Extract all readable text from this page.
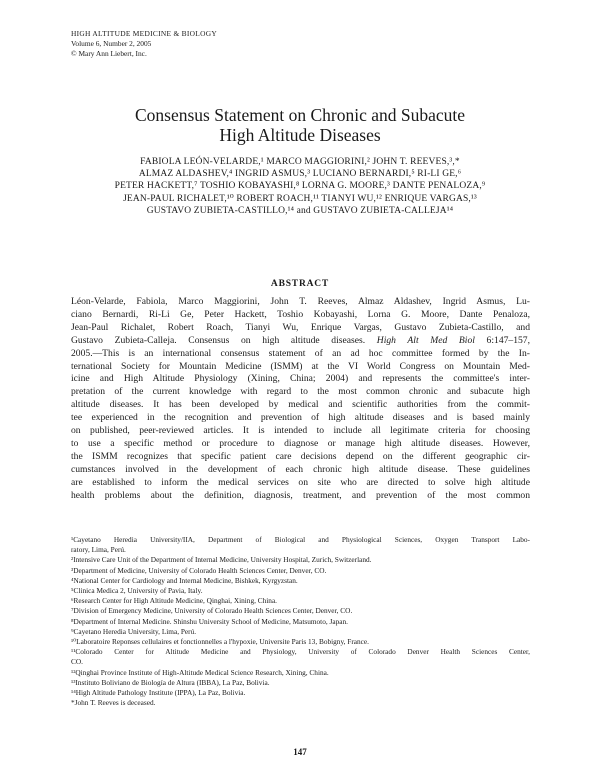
HIGH ALTITUDE MEDICINE & BIOLOGY
Volume 6, Number 2, 2005
© Mary Ann Liebert, Inc.
Consensus Statement on Chronic and Subacute
High Altitude Diseases
FABIOLA LEÓN-VELARDE,¹ MARCO MAGGIORINI,² JOHN T. REEVES,³,*
ALMAZ ALDASHEV,⁴ INGRID ASMUS,³ LUCIANO BERNARDI,⁵ RI-LI GE,⁶
PETER HACKETT,⁷ TOSHIO KOBAYASHI,⁸ LORNA G. MOORE,³ DANTE PENALOZA,⁹
JEAN-PAUL RICHALET,¹⁰ ROBERT ROACH,¹¹ TIANYI WU,¹² ENRIQUE VARGAS,¹³
GUSTAVO ZUBIETA-CASTILLO,¹⁴ and GUSTAVO ZUBIETA-CALLEJA¹⁴
ABSTRACT
Léon-Velarde, Fabiola, Marco Maggiorini, John T. Reeves, Almaz Aldashev, Ingrid Asmus, Lu-
ciano Bernardi, Ri-Li Ge, Peter Hackett, Toshio Kobayashi, Lorna G. Moore, Dante Penaloza,
Jean-Paul Richalet, Robert Roach, Tianyi Wu, Enrique Vargas, Gustavo Zubieta-Castillo, and
Gustavo Zubieta-Calleja. Consensus on high altitude diseases. High Alt Med Biol 6:147–157,
2005.—This is an international consensus statement of an ad hoc committee formed by the In-
ternational Society for Mountain Medicine (ISMM) at the VI World Congress on Mountain Med-
icine and High Altitude Physiology (Xining, China; 2004) and represents the committee's inter-
pretation of the current knowledge with regard to the most common chronic and subacute high
altitude diseases. It has been developed by medical and scientific authorities from the commit-
tee experienced in the recognition and prevention of high altitude diseases and is based mainly
on published, peer-reviewed articles. It is intended to include all legitimate criteria for choosing
to use a specific method or procedure to diagnose or manage high altitude diseases. However,
the ISMM recognizes that specific patient care decisions depend on the different geographic cir-
cumstances involved in the development of each chronic high altitude disease. These guidelines
are established to inform the medical services on site who are directed to solve high altitude
health problems about the definition, diagnosis, treatment, and prevention of the most common
¹Cayetano Heredia University/IIA, Department of Biological and Physiological Sciences, Oxygen Transport Labo-
ratory, Lima, Perú.
²Intensive Care Unit of the Department of Internal Medicine, University Hospital, Zurich, Switzerland.
³Department of Medicine, University of Colorado Health Sciences Center, Denver, CO.
⁴National Center for Cardiology and Internal Medicine, Bishkek, Kyrgyzstan.
⁵Clinica Medica 2, University of Pavia, Italy.
⁶Research Center for High Altitude Medicine, Qinghai, Xining, China.
⁷Division of Emergency Medicine, University of Colorado Health Sciences Center, Denver, CO.
⁸Department of Internal Medicine. Shinshu University School of Medicine, Matsumoto, Japan.
⁹Cayetano Heredia University, Lima, Perú.
¹⁰Laboratoire Reponses cellulaires et fonctionnelles a l'hypoxie, Universite Paris 13, Bobigny, France.
¹¹Colorado Center for Altitude Medicine and Physiology, University of Colorado Denver Health Sciences Center,
CO.
¹²Qinghai Province Institute of High-Altitude Medical Science Research, Xining, China.
¹³Instituto Boliviano de Biología de Altura (IBBA), La Paz, Bolivia.
¹⁴High Altitude Pathology Institute (IPPA), La Paz, Bolivia.
*John T. Reeves is deceased.
147
